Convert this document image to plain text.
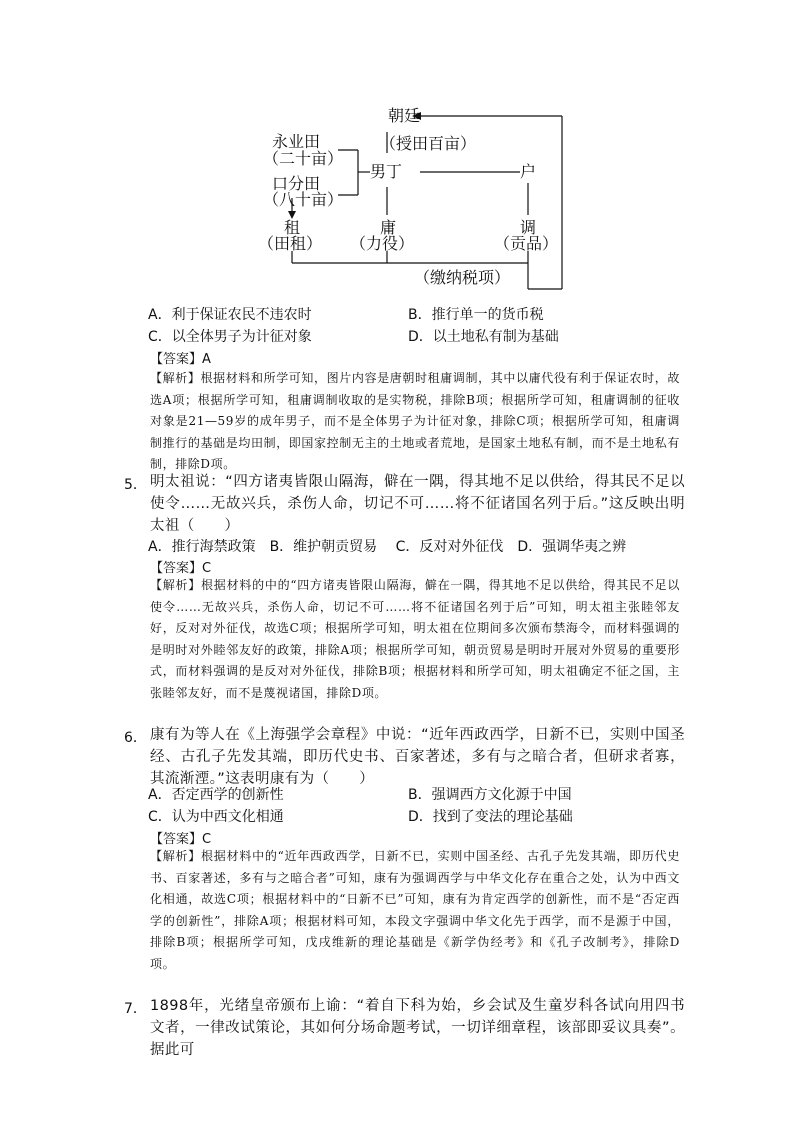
朝廷
（授田百亩）
永业田
（二十亩）
口分田
（八十亩）
男丁	户
租
（田租）
庸
（力役）
调
（贡品）
（缴纳税项）
A．利于保证农民不违农时	B．推行单一的货币税
C．以全体男子为计征对象	D．以土地私有制为基础
【答案】A
【解析】根据材料和所学可知，图片内容是唐朝时租庸调制，其中以庸代役有利于保证农时，故选A项；根据所学可知，租庸调制收取的是实物税，排除B项；根据所学可知，租庸调制的征收对象是21—59岁的成年男子，而不是全体男子为计征对象，排除C项；根据所学可知，租庸调制推行的基础是均田制，即国家控制无主的土地或者荒地，是国家土地私有制，而不是土地私有制，排除D项。
5． 明太祖说：“四方诸夷皆限山隔海，僻在一隅，得其地不足以供给，得其民不足以使令……无故兴兵，杀伤人命，切记不可……将不征诸国名列于后。”这反映出明太祖（　　）
A．推行海禁政策　B．维护朝贡贸易　 C．反对对外征伐　D．强调华夷之辨
【答案】C
【解析】根据材料的中的“四方诸夷皆限山隔海，僻在一隅，得其地不足以供给，得其民不足以使令……无故兴兵，杀伤人命，切记不可……将不征诸国名列于后”可知，明太祖主张睦邻友好，反对对外征伐，故选C项；根据所学可知，明太祖在位期间多次颁布禁海令，而材料强调的是明时对外睦邻友好的政策，排除A项；根据所学可知，朝贡贸易是明时开展对外贸易的重要形式，而材料强调的是反对对外征伐，排除B项；根据材料和所学可知，明太祖确定不征之国，主张睦邻友好，而不是蔑视诸国，排除D项。
6． 康有为等人在《上海强学会章程》中说：“近年西政西学，日新不已，实则中国圣经、古孔子先发其端，即历代史书、百家著述，多有与之暗合者，但研求者寡，其流渐湮。”这表明康有为（　　）
A．否定西学的创新性	B．强调西方文化源于中国
C．认为中西文化相通	D．找到了变法的理论基础
【答案】C
【解析】根据材料中的“近年西政西学，日新不已，实则中国圣经、古孔子先发其端，即历代史书、百家著述，多有与之暗合者”可知，康有为强调西学与中华文化存在重合之处，认为中西文化相通，故选C项；根据材料中的“日新不已”可知，康有为肯定西学的创新性，而不是“否定西学的创新性”，排除A项；根据材料可知，本段文字强调中华文化先于西学，而不是源于中国，排除B项；根据所学可知，戊戌维新的理论基础是《新学伪经考》和《孔子改制考》，排除D项。
7． 1898年，光绪皇帝颁布上谕：“着自下科为始，乡会试及生童岁科各试向用四书文者，一律改试策论，其如何分场命题考试，一切详细章程，该部即妥议具奏”。据此可
